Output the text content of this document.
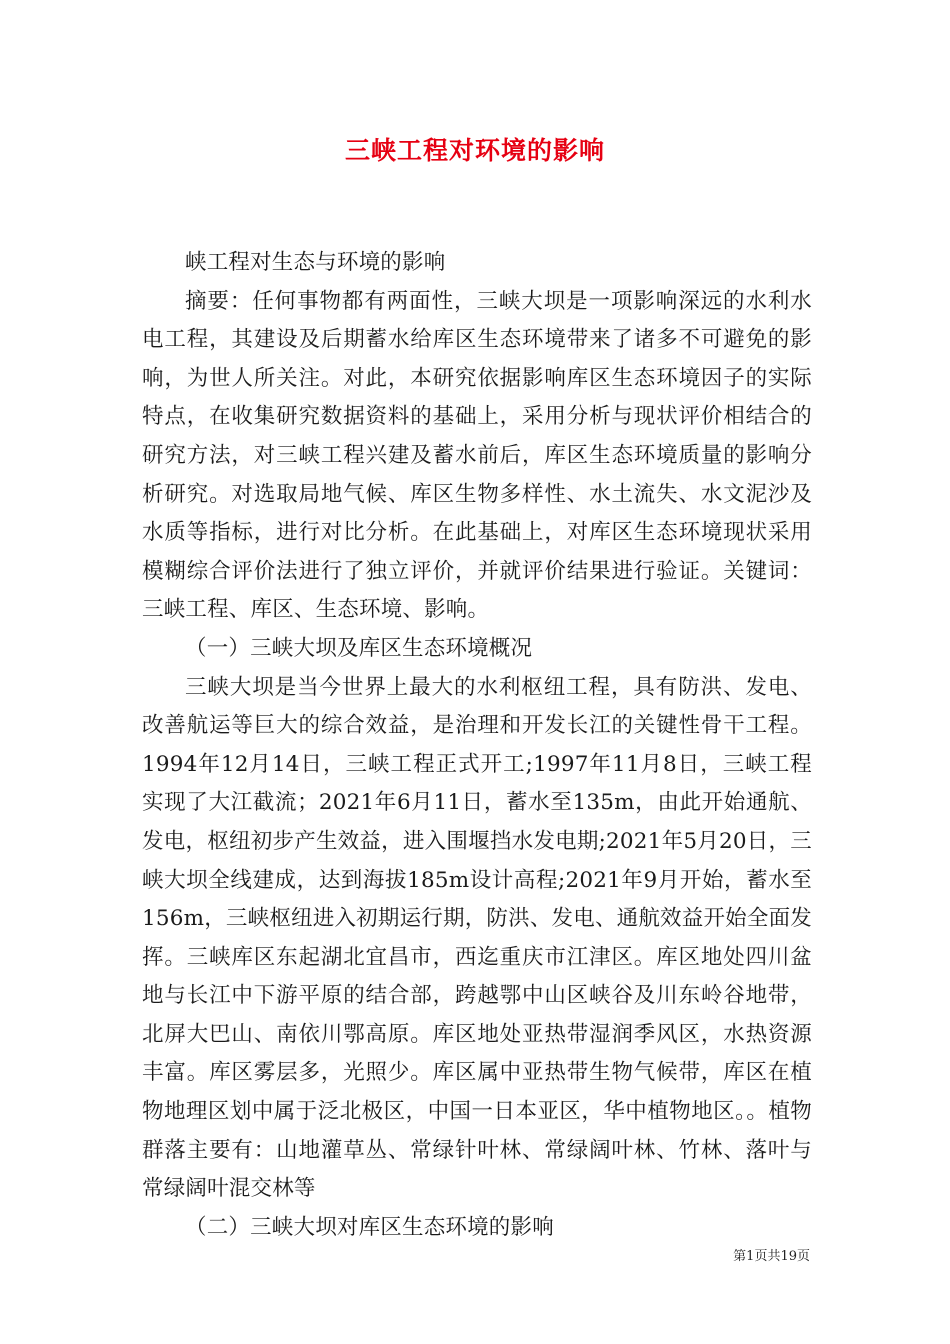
三峡工程对环境的影响

峡工程对生态与环境的影响

摘要：任何事物都有两面性，三峡大坝是一项影响深远的水利水电工程，其建设及后期蓄水给库区生态环境带来了诸多不可避免的影响，为世人所关注。对此，本研究依据影响库区生态环境因子的实际特点，在收集研究数据资料的基础上，采用分析与现状评价相结合的研究方法，对三峡工程兴建及蓄水前后，库区生态环境质量的影响分析研究。对选取局地气候、库区生物多样性、水土流失、水文泥沙及水质等指标，进行对比分析。在此基础上，对库区生态环境现状采用模糊综合评价法进行了独立评价，并就评价结果进行验证。关键词：三峡工程、库区、生态环境、影响。

（一）三峡大坝及库区生态环境概况

三峡大坝是当今世界上最大的水利枢纽工程，具有防洪、发电、改善航运等巨大的综合效益，是治理和开发长江的关键性骨干工程。1994年12月14日，三峡工程正式开工;1997年11月8日，三峡工程实现了大江截流；2021年6月11日，蓄水至135m，由此开始通航、发电，枢纽初步产生效益，进入围堰挡水发电期;2021年5月20日，三峡大坝全线建成，达到海拔185m设计高程;2021年9月开始，蓄水至156m，三峡枢纽进入初期运行期，防洪、发电、通航效益开始全面发挥。三峡库区东起湖北宜昌市，西迄重庆市江津区。库区地处四川盆地与长江中下游平原的结合部，跨越鄂中山区峡谷及川东岭谷地带，北屏大巴山、南依川鄂高原。库区地处亚热带湿润季风区，水热资源丰富。库区雾层多，光照少。库区属中亚热带生物气候带，库区在植物地理区划中属于泛北极区，中国一日本亚区，华中植物地区。。植物群落主要有：山地灌草丛、常绿针叶林、常绿阔叶林、竹林、落叶与常绿阔叶混交林等

（二）三峡大坝对库区生态环境的影响

第1页共19页
